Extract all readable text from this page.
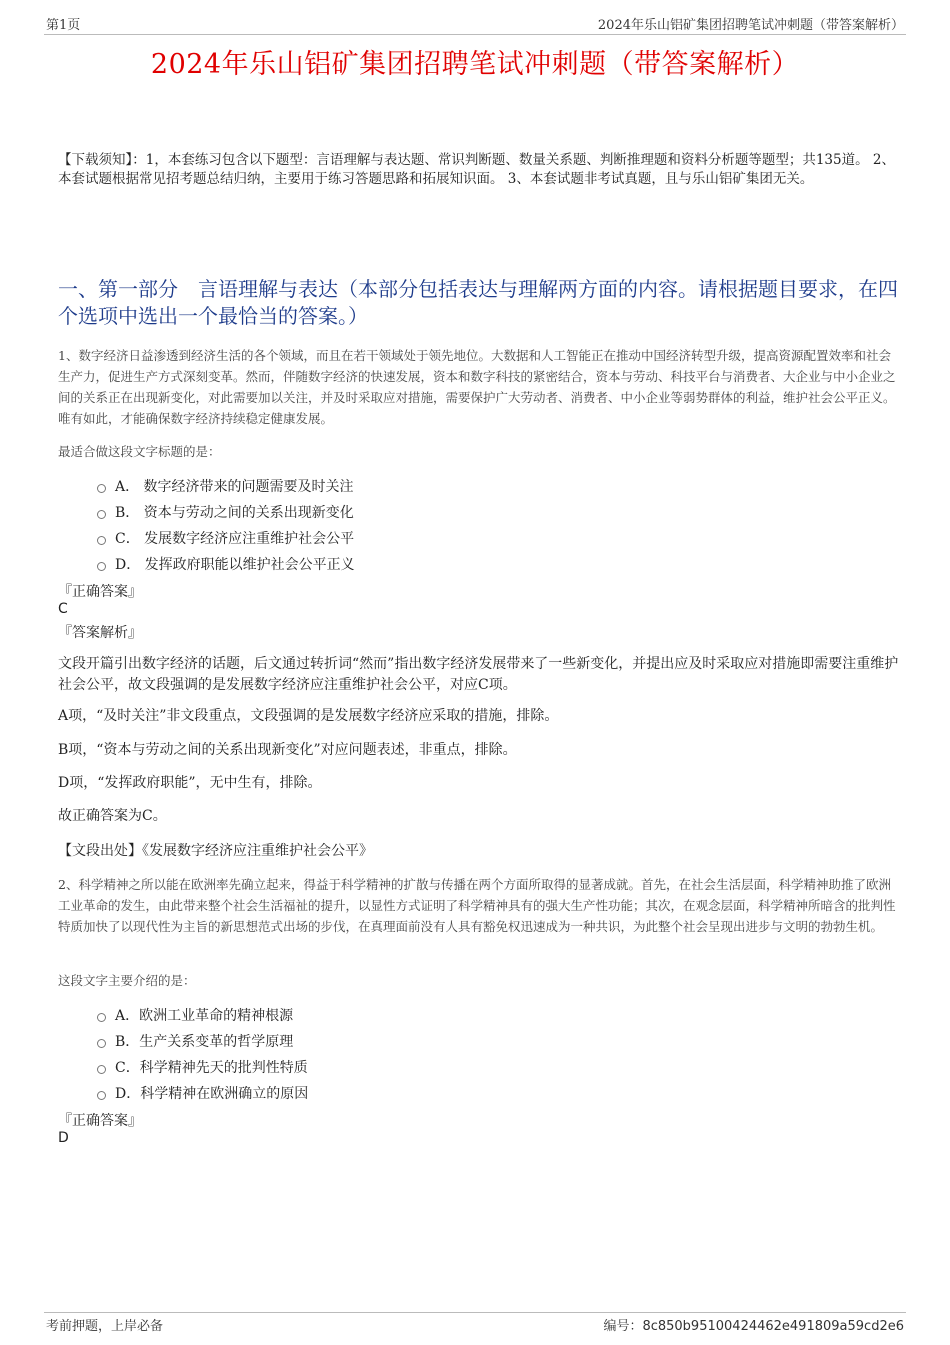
第1页	2024年乐山铝矿集团招聘笔试冲刺题（带答案解析）
2024年乐山铝矿集团招聘笔试冲刺题（带答案解析）
【下载须知】：1，本套练习包含以下题型：言语理解与表达题、常识判断题、数量关系题、判断推理题和资料分析题等题型；共135道。 2、本套试题根据常见招考题总结归纳，主要用于练习答题思路和拓展知识面。 3、本套试题非考试真题，且与乐山铝矿集团无关。
一、第一部分　言语理解与表达（本部分包括表达与理解两方面的内容。请根据题目要求，在四个选项中选出一个最恰当的答案。）
1、数字经济日益渗透到经济生活的各个领域，而且在若干领域处于领先地位。大数据和人工智能正在推动中国经济转型升级，提高资源配置效率和社会生产力，促进生产方式深刻变革。然而，伴随数字经济的快速发展，资本和数字科技的紧密结合，资本与劳动、科技平台与消费者、大企业与中小企业之间的关系正在出现新变化，对此需要加以关注，并及时采取应对措施，需要保护广大劳动者、消费者、中小企业等弱势群体的利益，维护社会公平正义。唯有如此，才能确保数字经济持续稳定健康发展。
最适合做这段文字标题的是：
A． 数字经济带来的问题需要及时关注
B． 资本与劳动之间的关系出现新变化
C． 发展数字经济应注重维护社会公平
D． 发挥政府职能以维护社会公平正义
『正确答案』
C
『答案解析』
文段开篇引出数字经济的话题，后文通过转折词“然而”指出数字经济发展带来了一些新变化，并提出应及时采取应对措施即需要注重维护社会公平，故文段强调的是发展数字经济应注重维护社会公平，对应C项。
A项，“及时关注”非文段重点，文段强调的是发展数字经济应采取的措施，排除。
B项，“资本与劳动之间的关系出现新变化”对应问题表述，非重点，排除。
D项，“发挥政府职能”，无中生有，排除。
故正确答案为C。
【文段出处】《发展数字经济应注重维护社会公平》
2、科学精神之所以能在欧洲率先确立起来，得益于科学精神的扩散与传播在两个方面所取得的显著成就。首先，在社会生活层面，科学精神助推了欧洲工业革命的发生，由此带来整个社会生活福祉的提升，以显性方式证明了科学精神具有的强大生产性功能；其次，在观念层面，科学精神所暗含的批判性特质加快了以现代性为主旨的新思想范式出场的步伐，在真理面前没有人具有豁免权迅速成为一种共识，为此整个社会呈现出进步与文明的勃勃生机。
这段文字主要介绍的是：
A．欧洲工业革命的精神根源
B．生产关系变革的哲学原理
C．科学精神先天的批判性特质
D．科学精神在欧洲确立的原因
『正确答案』
D
考前押题，上岸必备	编号：8c850b95100424462e491809a59cd2e6
